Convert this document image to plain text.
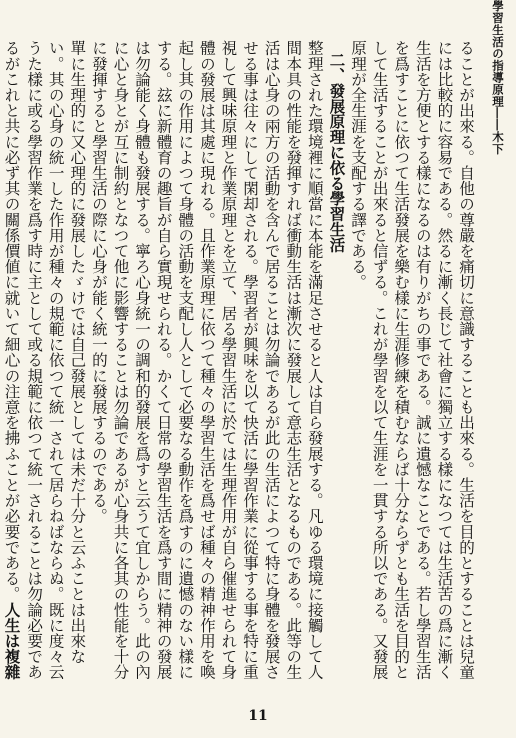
學習生活の指導原理――木下

ることが出來る。自他の尊嚴を痛切に意識することも出來る。生活を目的とすることは兒童には比較的に容易である。然るに漸く長じて社會に獨立する樣になつては生活苦の爲に漸く生活を方便とする樣になるのは有りがちの事である。誠に遺憾なことである。若し學習生活を爲すことに依つて生活發展を樂む樣に生涯修練を積むならば十分ならずとも生活を目的として生活することが出來ると信ずる。これが學習を以て生涯を一貫する所以である。又發展原理が全生涯を支配する譯である。

二、發展原理に依る學習生活
整理された環境裡に順當に本能を滿足させると人は自ら發展する。凡ゆる環境に接觸して人間本具の性能を發揮すれば衝動生活は漸次に發展して意志生活となるものである。此等の生活は心身の兩方の活動を含んで居ることは勿論であるが此の生活によつて特に身體を發展させる事は往々にして閑却される。學習者が興味を以て快活に學習作業に從事する事を特に重視して興味原理と作業原理とを立て、居る學習生活に於ては生理作用が自ら催進せられて身體の發展は其處に現れる。且作業原理に依つて種々の學習生活を爲せば種々の精神作用を喚起し其の作用によつて身體の活動を支配し人として必要なる動作を爲すのに遺憾のない樣にする。玆に新體育の趣旨が自ら實現せられる。かくて日常の學習生活を爲す間に精神の發展は勿論能く身體も發展する。寧ろ心身統一の調和的發展を爲すと云うて宜しからう。此の內に心と身とが互に制約となつて他に影響することは勿論であるが心身共に各其の性能を十分に發揮すると學習生活の際に心身が能く統一的に發展するのである。

單に生理的に又心理的に發展したゞけでは自己發展としては未だ十分と云ふことは出來ない。其の心身の統一した作用が種々の規範に依つて統一されて居らねばならぬ。既に度々云うた樣に或る學習作業を爲す時に主として或る規範に依つて統一されることは勿論必要であるがこれと共に必ず其の關係價値に就いて細心の注意を拂ふことが必要である。人生は複雜

11
